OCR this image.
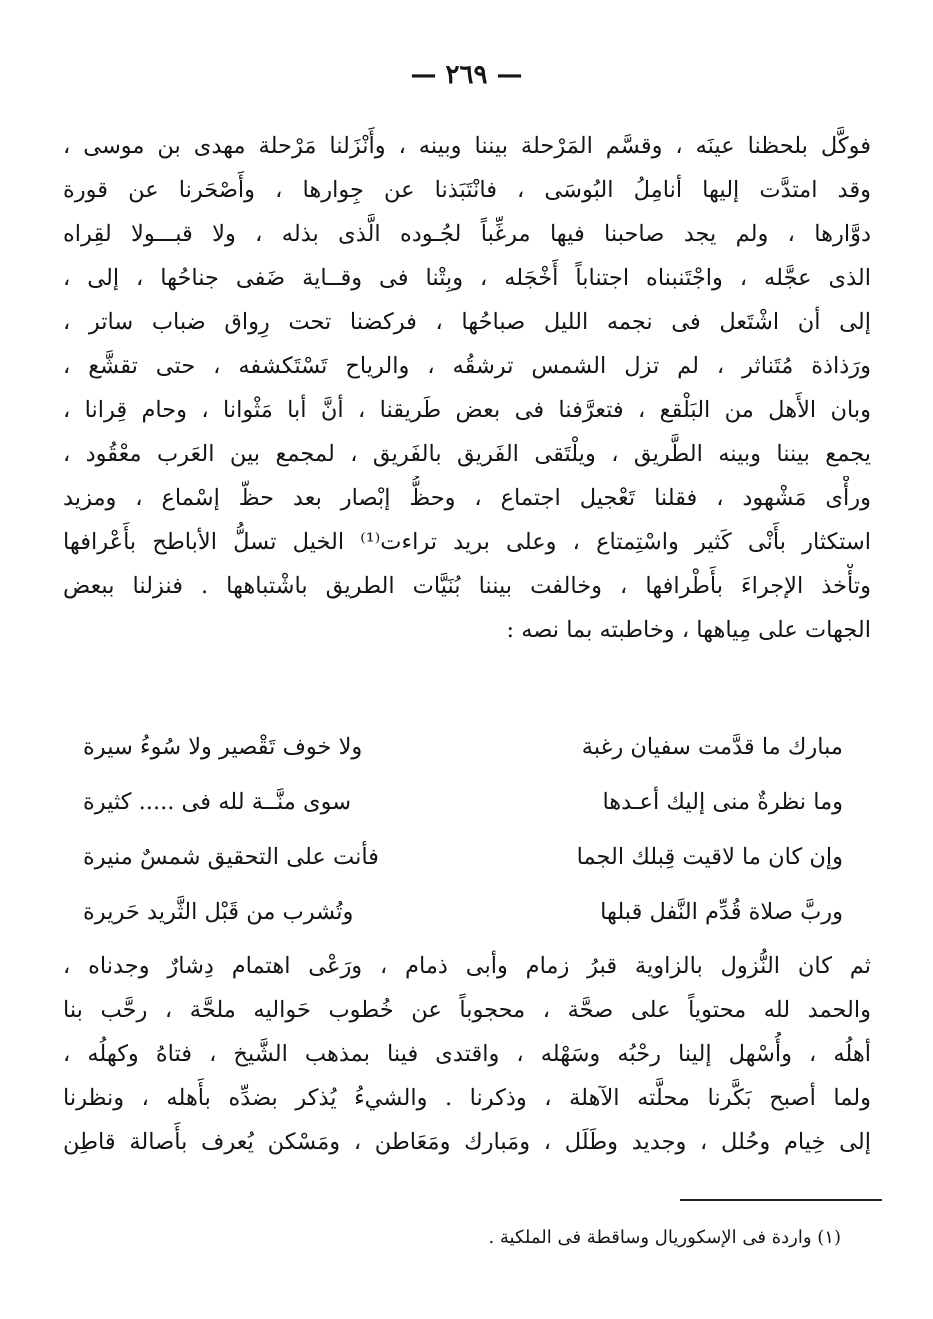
— ٢٦٩ —
فوكَّل بلحظنا عينَه ، وقسَّم المَرْحلة بيننا وبينه ، وأَنْزَلنا مَرْحلة مهدى بن موسى ،
وقد امتدَّت إليها أنامِلُ البُوسَى ، فانْتَبَذنا عن جِوارها ، وأَصْحَرنا عن قورة
دوَّارها ، ولم يجد صاحبنا فيها مرغِّباً لجُـوده الَّذى بذله ، ولا قبـــولا لقِراه
الذى عجَّله ، واجْتَنبناه اجتناباً أَخْجَله ، وبِتْنا فى وقــاية ضَفى جناحُها ، إلى ،
إلى أن اشْتَعل فى نجمه الليل صباحُها ، فركضنا تحت رِواق ضباب ساتر ،
ورَذاذة مُتَناثر ، لم تزل الشمس ترشقُه ، والرياح تَسْتَكشفه ، حتى تقشَّع ،
وبان الأَهل من البَلْقع ، فتعرَّفنا فى بعض طَريقنا ، أنَّ أبا مَثْوانا ، وحام قِرانا ،
يجمع بيننا وبينه الطَّريق ، ويلْتَقى الفَريق بالفَريق ، لمجمع بين العَرب معْقُود ،
ورأْى مَشْهود ، فقلنا تَعْجيل اجتماع ، وحظُّ إبْصار بعد حظّ إسْماع ، ومزيد
استكثار بأَنْى كَثير واسْتِمتاع ، وعلى بريد تراءت⁽¹⁾ الخيل تسلُّ الأباطح بأَعْرافها
وتأْخذ الإجراءَ بأَطْرافها ، وخالفت بيننا بُنَيَّات الطريق باشْتباهها . فنزلنا ببعض
الجهات على مِياهها ، وخاطبته بما نصه :
مبارك ما قدَّمت سفيان رغبة
ولا خوف تَقْصير ولا سُوءُ سيرة
وما نظرةٌ منى إليك أعـدها
سوى منَّــة لله فى ..... كثيرة
وإن كان ما لاقيت قِبلك الجما
فأنت على التحقيق شمسٌ منيرة
وربَّ صلاة قُدِّم النَّفل قبلها
وتُشرب من قَبْل الثَّريد حَريرة
ثم كان النُّزول بالزاوية قبرُ زمام وأبى ذمام ، ورَعْى اهتمام دِشارٌ وجدناه ،
والحمد لله محتوياً على صحَّة ، محجوباً عن خُطوب حَواليه ملحَّة ، رحَّب بنا
أهلُه ، وأُسْهل إلينا رحْبُه وسَهْله ، واقتدى فينا بمذهب الشَّيخ ، فتاهُ وكهلُه ،
ولما أصبح بَكَّرنا محلَّته الآهلة ، وذكرنا . والشيءُ يُذكر بضدِّه بأَهله ، ونظرنا
إلى خِيام وحُلل ، وجديد وطَلَل ، ومَبارك ومَعَاطن ، ومَسْكن يُعرف بأَصالة قاطِن
(١) واردة فى الإسكوريال وساقطة فى الملكية .
